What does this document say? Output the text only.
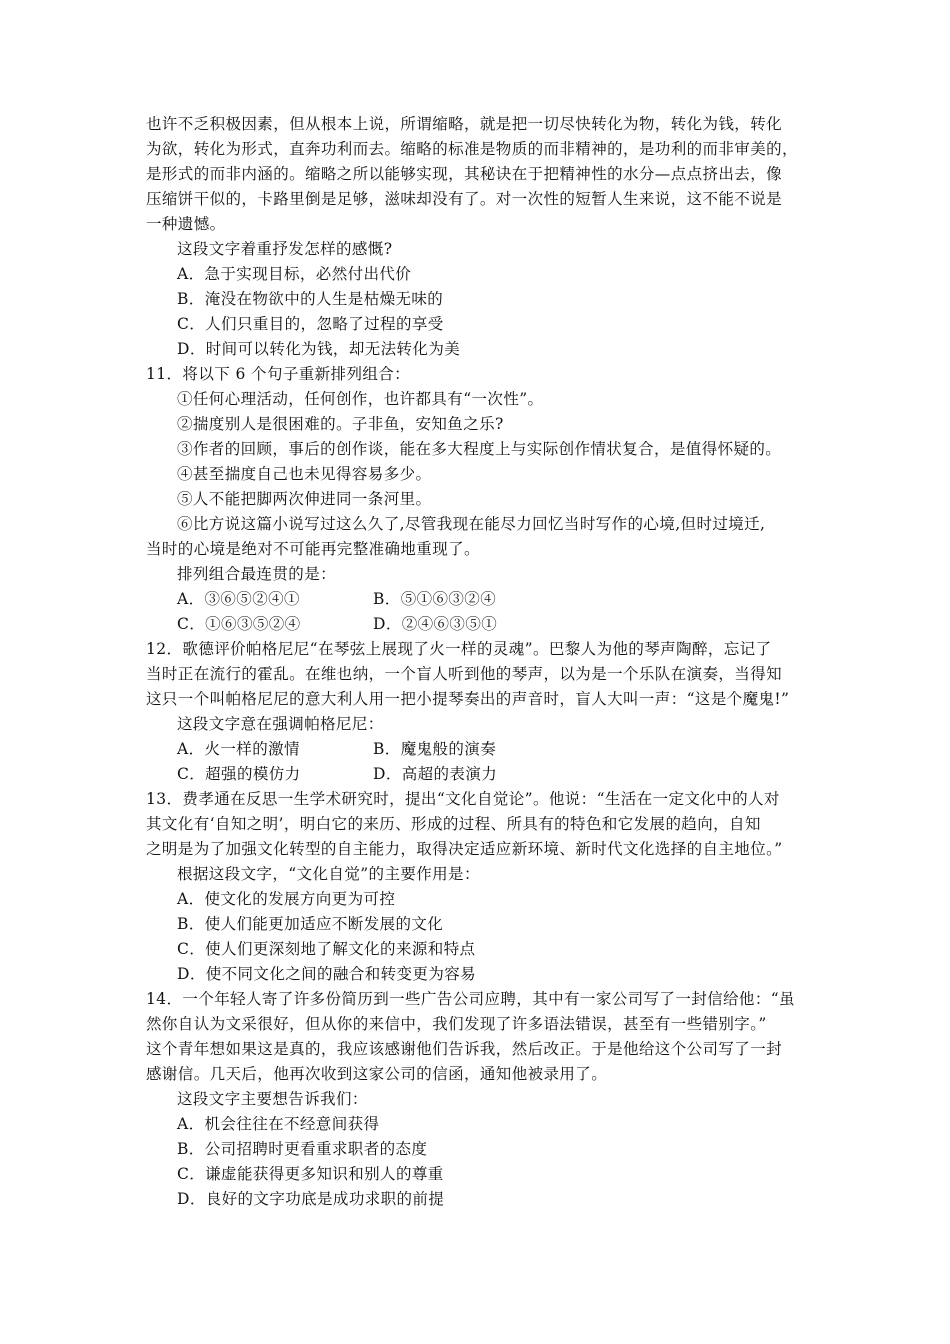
也许不乏积极因素，但从根本上说，所谓缩略，就是把一切尽快转化为物，转化为钱，转化
为欲，转化为形式，直奔功利而去。缩略的标准是物质的而非精神的，是功利的而非审美的，
是形式的而非内涵的。缩略之所以能够实现，其秘诀在于把精神性的水分—点点挤出去，像
压缩饼干似的，卡路里倒是足够，滋味却没有了。对一次性的短暂人生来说，这不能不说是
一种遗憾。
这段文字着重抒发怎样的感慨?
A．急于实现目标，必然付出代价
B．淹没在物欲中的人生是枯燥无味的
C．人们只重目的，忽略了过程的享受
D．时间可以转化为钱，却无法转化为美
11．将以下 6 个句子重新排列组合：
①任何心理活动，任何创作，也许都具有“一次性”。
②揣度别人是很困难的。子非鱼，安知鱼之乐?
③作者的回顾，事后的创作谈，能在多大程度上与实际创作情状复合，是值得怀疑的。
④甚至揣度自己也未见得容易多少。
⑤人不能把脚两次伸进同一条河里。
⑥比方说这篇小说写过这么久了,尽管我现在能尽力回忆当时写作的心境,但时过境迁,
当时的心境是绝对不可能再完整准确地重现了。
排列组合最连贯的是：
A．③⑥⑤②④①	B．⑤①⑥③②④
C．①⑥③⑤②④	D．②④⑥③⑤①
12．歌德评价帕格尼尼“在琴弦上展现了火一样的灵魂”。巴黎人为他的琴声陶醉，忘记了
当时正在流行的霍乱。在维也纳，一个盲人听到他的琴声，以为是一个乐队在演奏，当得知
这只一个叫帕格尼尼的意大利人用一把小提琴奏出的声音时，盲人大叫一声：“这是个魔鬼!”
这段文字意在强调帕格尼尼：
A．火一样的激情	B．魔鬼般的演奏
C．超强的模仿力	D．高超的表演力
13．费孝通在反思一生学术研究时，提出“文化自觉论”。他说：“生活在一定文化中的人对
其文化有‘自知之明’，明白它的来历、形成的过程、所具有的特色和它发展的趋向，自知
之明是为了加强文化转型的自主能力，取得决定适应新环境、新时代文化选择的自主地位。”
根据这段文字，“文化自觉”的主要作用是：
A．使文化的发展方向更为可控
B．使人们能更加适应不断发展的文化
C．使人们更深刻地了解文化的来源和特点
D．使不同文化之间的融合和转变更为容易
14．一个年轻人寄了许多份简历到一些广告公司应聘，其中有一家公司写了一封信给他：“虽
然你自认为文采很好，但从你的来信中，我们发现了许多语法错误，甚至有一些错别字。”
这个青年想如果这是真的，我应该感谢他们告诉我，然后改正。于是他给这个公司写了一封
感谢信。几天后，他再次收到这家公司的信函，通知他被录用了。
这段文字主要想告诉我们：
A．机会往往在不经意间获得
B．公司招聘时更看重求职者的态度
C．谦虚能获得更多知识和别人的尊重
D．良好的文字功底是成功求职的前提
